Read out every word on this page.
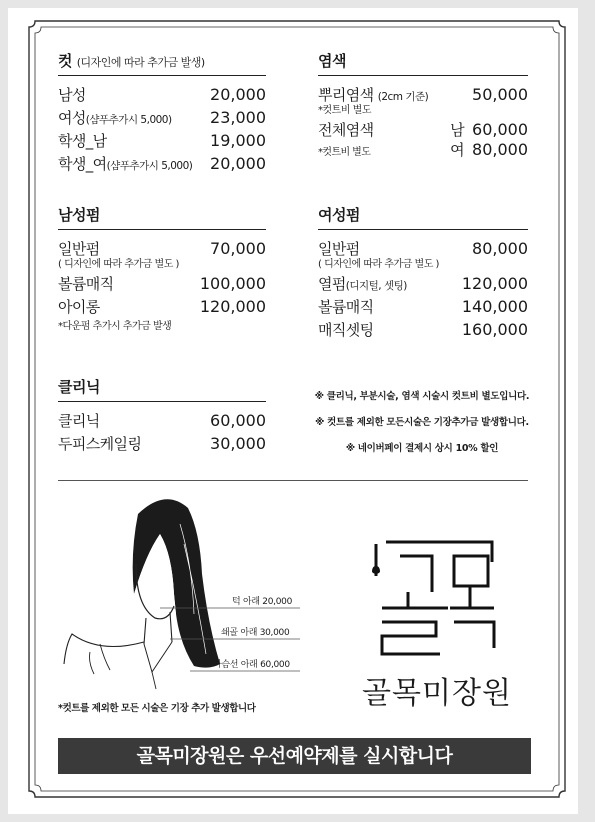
컷 (디자인에 따라 추가금 발생)
남성	20,000
여성(샴푸추가시 5,000) 23,000
학생_남	19,000
학생_여(샴푸추가시 5,000) 20,000
염색
뿌리염색 (2cm 기준)	50,000
*컷트비 별도
전체염색	남 60,000
*컷트비 별도	여 80,000
남성펌
일반펌	70,000
( 디자인에 따라 추가금 별도 )
볼륨매직	100,000
아이롱	120,000
*다운펌 추가시 추가금 발생
여성펌
일반펌	80,000
( 디자인에 따라 추가금 별도 )
열펌(디지털, 셋팅)	120,000
볼륨매직	140,000
매직셋팅	160,000
클리닉
클리닉	60,000
두피스케일링	30,000
※ 클리닉, 부분시술, 염색 시술시 컷트비 별도입니다.
※ 컷트를 제외한 모든시술은 기장추가금 발생합니다.
※ 네이버페이 결제시 상시 10% 할인
턱 아래 20,000
쇄골 아래 30,000
가슴선 아래 60,000
*컷트를 제외한 모든 시술은 기장 추가 발생합니다	골목미장원
골목미장원은 우선예약제를 실시합니다
